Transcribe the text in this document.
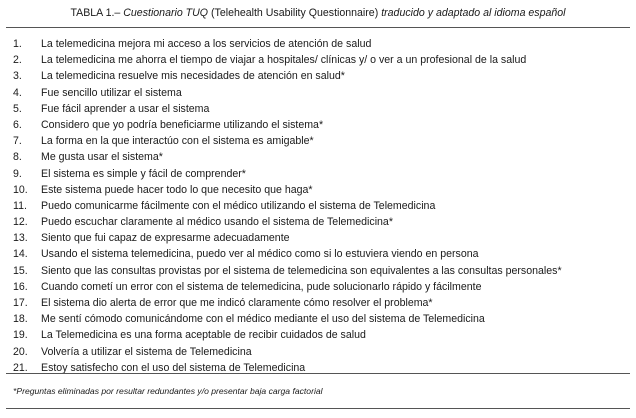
TABLA 1.– Cuestionario TUQ (Telehealth Usability Questionnaire) traducido y adaptado al idioma español
1. La telemedicina mejora mi acceso a los servicios de atención de salud
2. La telemedicina me ahorra el tiempo de viajar a hospitales/ clínicas y/ o ver a un profesional de la salud
3. La telemedicina resuelve mis necesidades de atención en salud*
4. Fue sencillo utilizar el sistema
5. Fue fácil aprender a usar el sistema
6. Considero que yo podría beneficiarme utilizando el sistema*
7. La forma en la que interactúo con el sistema es amigable*
8. Me gusta usar el sistema*
9. El sistema es simple y fácil de comprender*
10. Este sistema puede hacer todo lo que necesito que haga*
11. Puedo comunicarme fácilmente con el médico utilizando el sistema de Telemedicina
12. Puedo escuchar claramente al médico usando el sistema de Telemedicina*
13. Siento que fui capaz de expresarme adecuadamente
14. Usando el sistema telemedicina, puedo ver al médico como si lo estuviera viendo en persona
15. Siento que las consultas provistas por el sistema de telemedicina son equivalentes a las consultas personales*
16. Cuando cometí un error con el sistema de telemedicina, pude solucionarlo rápido y fácilmente
17. El sistema dio alerta de error que me indicó claramente cómo resolver el problema*
18. Me sentí cómodo comunicándome con el médico mediante el uso del sistema de Telemedicina
19. La Telemedicina es una forma aceptable de recibir cuidados de salud
20. Volvería a utilizar el sistema de Telemedicina
21. Estoy satisfecho con el uso del sistema de Telemedicina
*Preguntas eliminadas por resultar redundantes y/o presentar baja carga factorial
